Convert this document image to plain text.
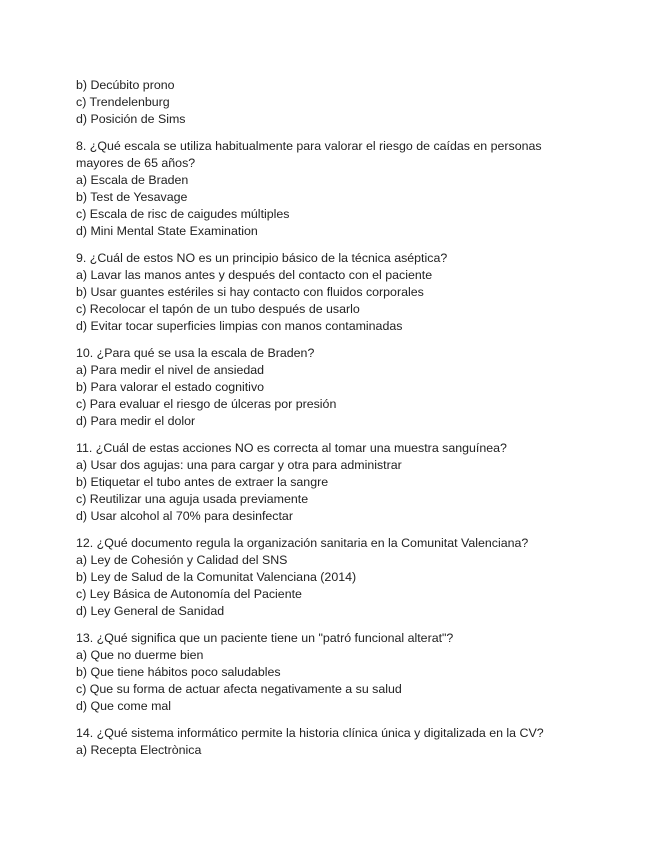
b) Decúbito prono

c) Trendelenburg

d) Posición de Sims

8. ¿Qué escala se utiliza habitualmente para valorar el riesgo de caídas en personas mayores de 65 años?

a) Escala de Braden

b) Test de Yesavage

c) Escala de risc de caigudes múltiples

d) Mini Mental State Examination

9. ¿Cuál de estos NO es un principio básico de la técnica aséptica?

a) Lavar las manos antes y después del contacto con el paciente

b) Usar guantes estériles si hay contacto con fluidos corporales

c) Recolocar el tapón de un tubo después de usarlo

d) Evitar tocar superficies limpias con manos contaminadas

10. ¿Para qué se usa la escala de Braden?

a) Para medir el nivel de ansiedad

b) Para valorar el estado cognitivo

c) Para evaluar el riesgo de úlceras por presión

d) Para medir el dolor

11. ¿Cuál de estas acciones NO es correcta al tomar una muestra sanguínea?

a) Usar dos agujas: una para cargar y otra para administrar

b) Etiquetar el tubo antes de extraer la sangre

c) Reutilizar una aguja usada previamente

d) Usar alcohol al 70% para desinfectar

12. ¿Qué documento regula la organización sanitaria en la Comunitat Valenciana?

a) Ley de Cohesión y Calidad del SNS

b) Ley de Salud de la Comunitat Valenciana (2014)

c) Ley Básica de Autonomía del Paciente

d) Ley General de Sanidad

13. ¿Qué significa que un paciente tiene un "patró funcional alterat"?

a) Que no duerme bien

b) Que tiene hábitos poco saludables

c) Que su forma de actuar afecta negativamente a su salud

d) Que come mal

14. ¿Qué sistema informático permite la historia clínica única y digitalizada en la CV?

a) Recepta Electrònica
